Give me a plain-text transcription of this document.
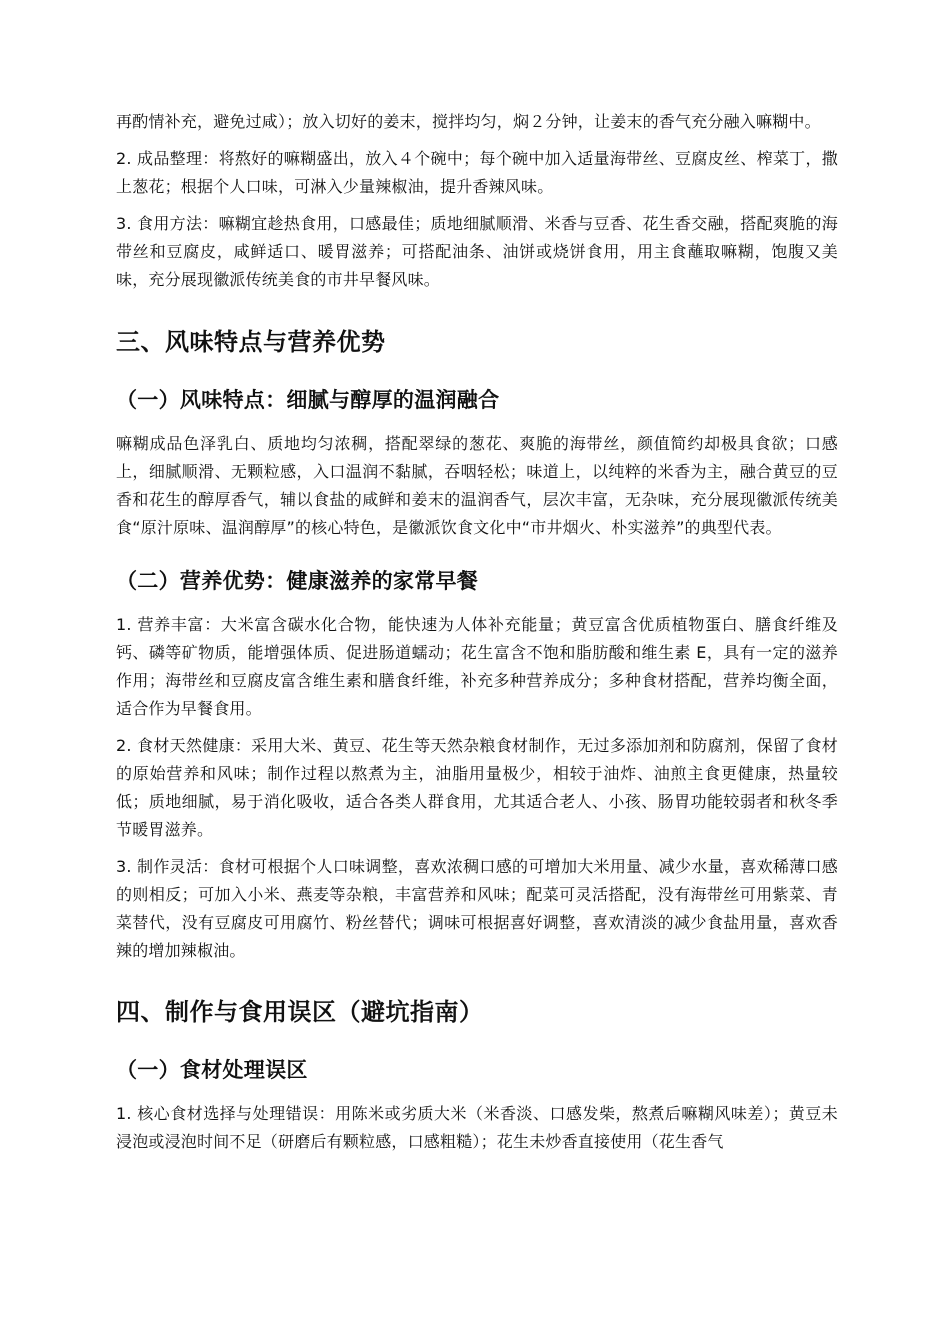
再酌情补充，避免过咸）；放入切好的姜末，搅拌均匀，焖２分钟，让姜末的香气充分融入嘛糊中。

2. 成品整理：将熬好的嘛糊盛出，放入４个碗中；每个碗中加入适量海带丝、豆腐皮丝、榨菜丁，撒上葱花；根据个人口味，可淋入少量辣椒油，提升香辣风味。

3. 食用方法：嘛糊宜趁热食用，口感最佳；质地细腻顺滑、米香与豆香、花生香交融，搭配爽脆的海带丝和豆腐皮，咸鲜适口、暖胃滋养；可搭配油条、油饼或烧饼食用，用主食蘸取嘛糊，饱腹又美味，充分展现徽派传统美食的市井早餐风味。

三、风味特点与营养优势
（一）风味特点：细腻与醇厚的温润融合

嘛糊成品色泽乳白、质地均匀浓稠，搭配翠绿的葱花、爽脆的海带丝，颜值简约却极具食欲；口感上，细腻顺滑、无颗粒感，入口温润不黏腻，吞咽轻松；味道上，以纯粹的米香为主，融合黄豆的豆香和花生的醇厚香气，辅以食盐的咸鲜和姜末的温润香气，层次丰富，无杂味，充分展现徽派传统美食“原汁原味、温润醇厚”的核心特色，是徽派饮食文化中“市井烟火、朴实滋养”的典型代表。

（二）营养优势：健康滋养的家常早餐

1. 营养丰富：大米富含碳水化合物，能快速为人体补充能量；黄豆富含优质植物蛋白、膳食纤维及钙、磷等矿物质，能增强体质、促进肠道蠕动；花生富含不饱和脂肪酸和维生素 E，具有一定的滋养作用；海带丝和豆腐皮富含维生素和膳食纤维，补充多种营养成分；多种食材搭配，营养均衡全面，适合作为早餐食用。

2. 食材天然健康：采用大米、黄豆、花生等天然杂粮食材制作，无过多添加剂和防腐剂，保留了食材的原始营养和风味；制作过程以熬煮为主，油脂用量极少，相较于油炸、油煎主食更健康，热量较低；质地细腻，易于消化吸收，适合各类人群食用，尤其适合老人、小孩、肠胃功能较弱者和秋冬季节暖胃滋养。

3. 制作灵活：食材可根据个人口味调整，喜欢浓稠口感的可增加大米用量、减少水量，喜欢稀薄口感的则相反；可加入小米、燕麦等杂粮，丰富营养和风味；配菜可灵活搭配，没有海带丝可用紫菜、青菜替代，没有豆腐皮可用腐竹、粉丝替代；调味可根据喜好调整，喜欢清淡的减少食盐用量，喜欢香辣的增加辣椒油。

四、制作与食用误区（避坑指南）
（一）食材处理误区

1. 核心食材选择与处理错误：用陈米或劣质大米（米香淡、口感发柴，熬煮后嘛糊风味差）；黄豆未浸泡或浸泡时间不足（研磨后有颗粒感，口感粗糙）；花生未炒香直接使用（花生香气
